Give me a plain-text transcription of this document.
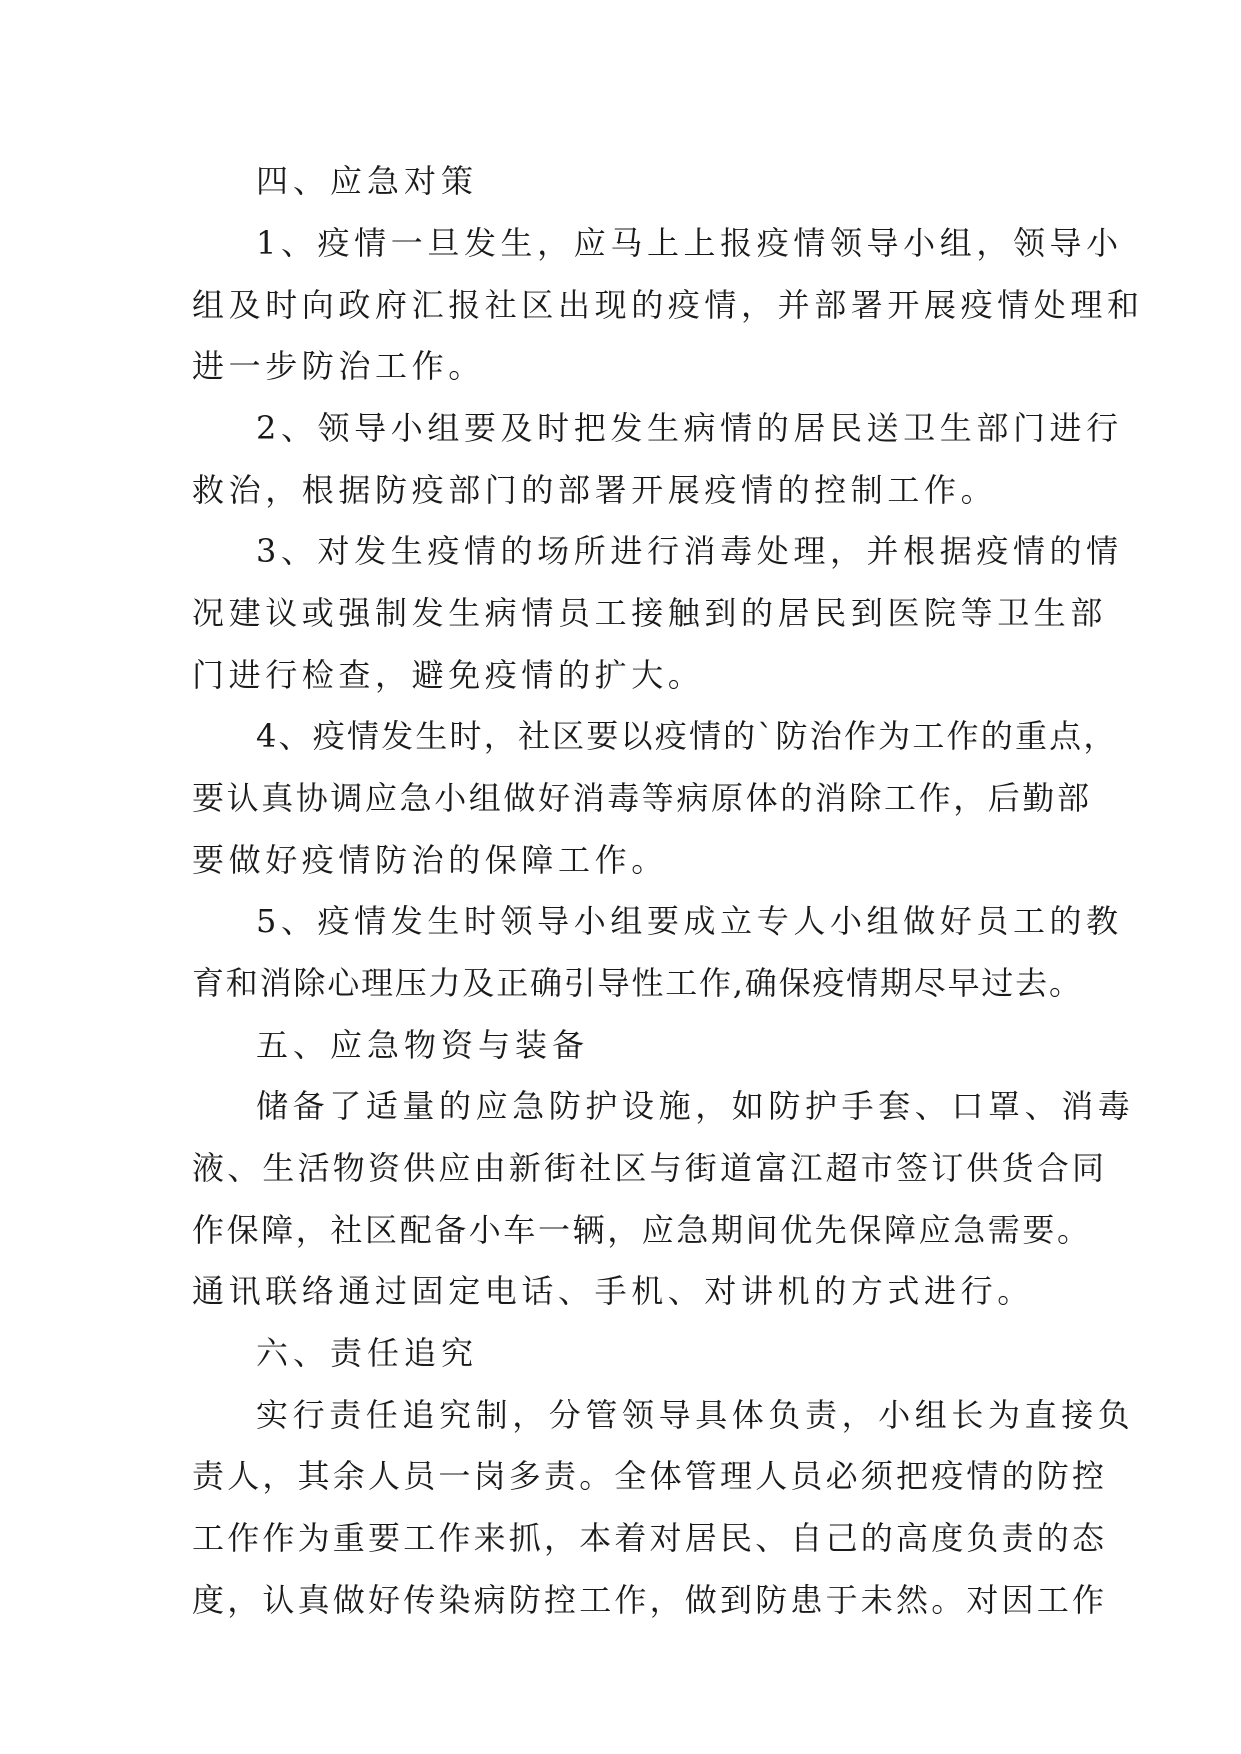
四、应急对策
1、疫情一旦发生，应马上上报疫情领导小组，领导小
组及时向政府汇报社区出现的疫情，并部署开展疫情处理和
进一步防治工作。
2、领导小组要及时把发生病情的居民送卫生部门进行
救治，根据防疫部门的部署开展疫情的控制工作。
3、对发生疫情的场所进行消毒处理，并根据疫情的情
况建议或强制发生病情员工接触到的居民到医院等卫生部
门进行检查，避免疫情的扩大。
4、疫情发生时，社区要以疫情的`防治作为工作的重点，
要认真协调应急小组做好消毒等病原体的消除工作，后勤部
要做好疫情防治的保障工作。
5、疫情发生时领导小组要成立专人小组做好员工的教
育和消除心理压力及正确引导性工作,确保疫情期尽早过去。
五、应急物资与装备
储备了适量的应急防护设施，如防护手套、口罩、消毒
液、生活物资供应由新街社区与街道富江超市签订供货合同
作保障，社区配备小车一辆，应急期间优先保障应急需要。
通讯联络通过固定电话、手机、对讲机的方式进行。
六、责任追究
实行责任追究制，分管领导具体负责，小组长为直接负
责人，其余人员一岗多责。全体管理人员必须把疫情的防控
工作作为重要工作来抓，本着对居民、自己的高度负责的态
度，认真做好传染病防控工作，做到防患于未然。对因工作
